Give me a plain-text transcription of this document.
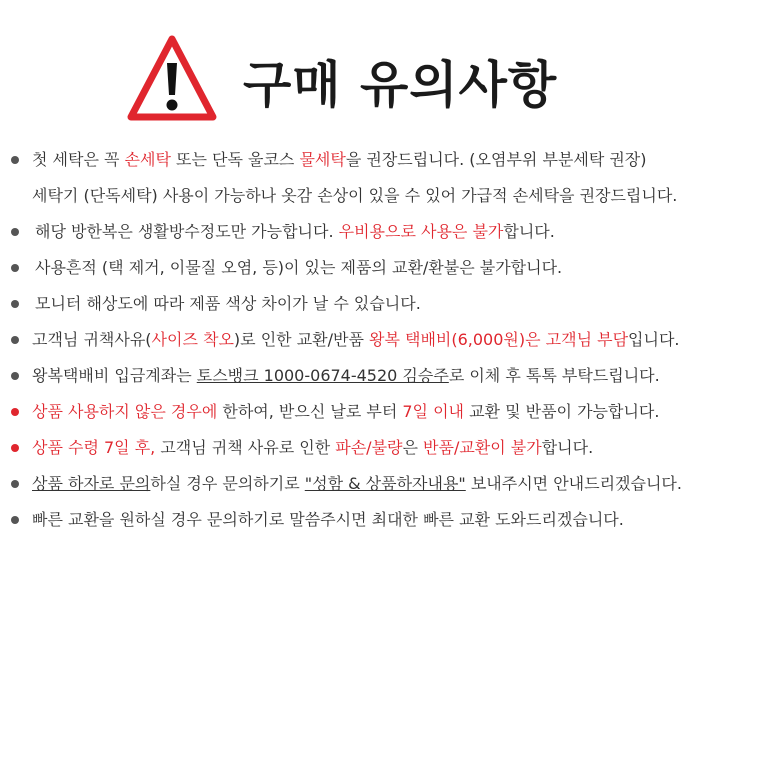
구매 유의사항
첫 세탁은 꼭 손세탁 또는 단독 울코스 물세탁을 권장드립니다. (오염부위 부분세탁 권장)
세탁기 (단독세탁) 사용이 가능하나 옷감 손상이 있을 수 있어 가급적 손세탁을 권장드립니다.
해당 방한복은 생활방수정도만 가능합니다. 우비용으로 사용은 불가합니다.
사용흔적 (택 제거, 이물질 오염, 등)이 있는 제품의 교환/환불은 불가합니다.
모니터 해상도에 따라 제품 색상 차이가 날 수 있습니다.
고객님 귀책사유(사이즈 착오)로 인한 교환/반품 왕복 택배비(6,000원)은 고객님 부담입니다.
왕복택배비 입금계좌는 토스뱅크 1000-0674-4520 김승주로 이체 후 톡톡 부탁드립니다.
상품 사용하지 않은 경우에 한하여, 받으신 날로 부터 7일 이내 교환 및 반품이 가능합니다.
상품 수령 7일 후, 고객님 귀책 사유로 인한 파손/불량은 반품/교환이 불가합니다.
상품 하자로 문의하실 경우 문의하기로 "성함 & 상품하자내용" 보내주시면 안내드리겠습니다.
빠른 교환을 원하실 경우 문의하기로 말씀주시면 최대한 빠른 교환 도와드리겠습니다.
